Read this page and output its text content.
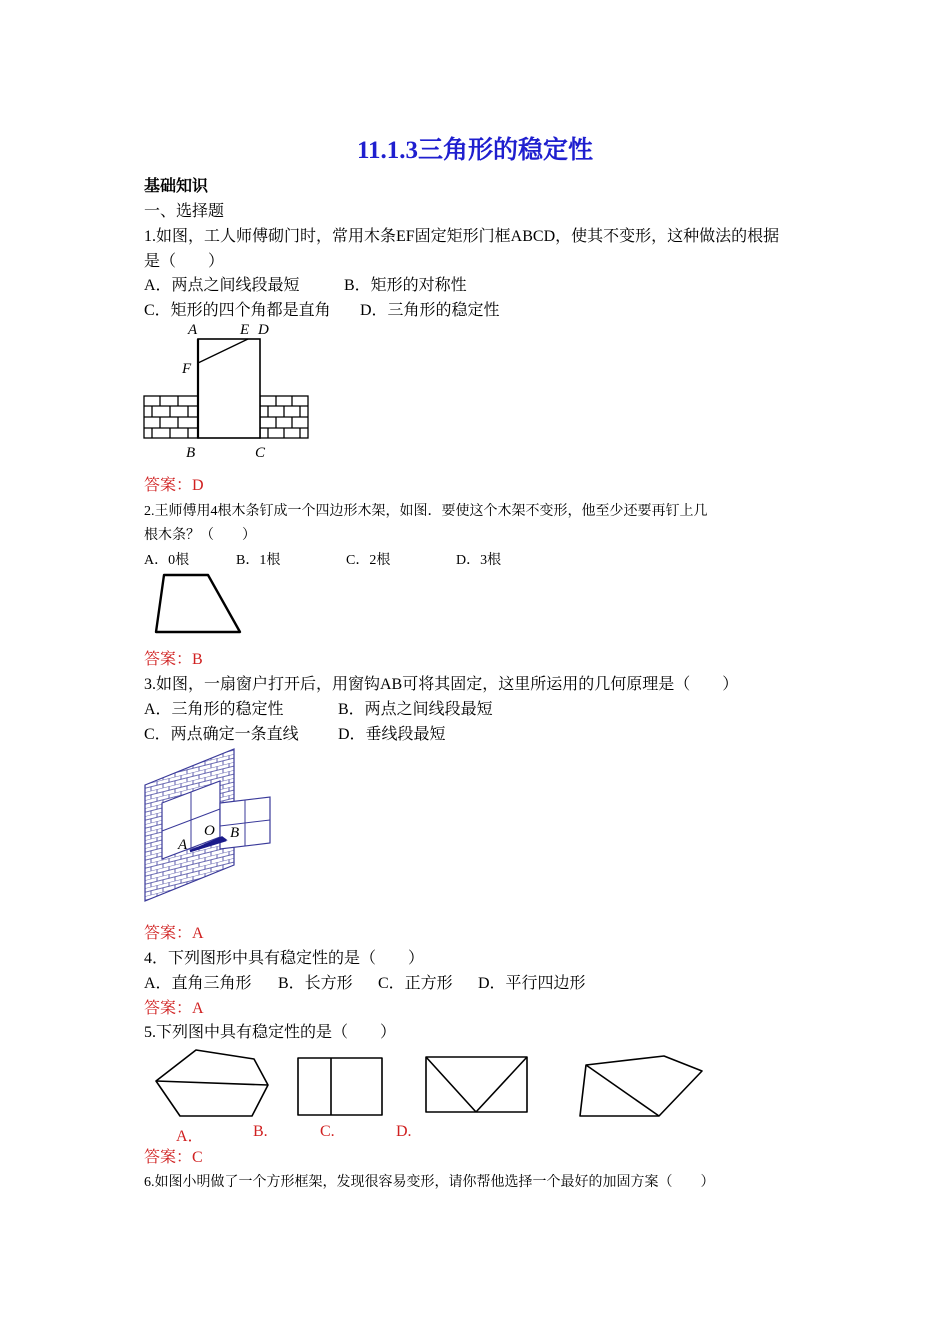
11.1.3三角形的稳定性
基础知识
一、选择题
1.如图，工人师傅砌门时，常用木条EF固定矩形门框ABCD，使其不变形，这种做法的根据
是（　　）
A．两点之间线段最短	B．矩形的对称性
C．矩形的四个角都是直角 D．三角形的稳定性
A	E D
F
B	C
答案：D
2.王师傅用4根木条钉成一个四边形木架，如图．要使这个木架不变形，他至少还要再钉上几
根木条？（　　）
A．0根	B．1根	C．2根	D．3根
答案：B
3.如图，一扇窗户打开后，用窗钩AB可将其固定，这里所运用的几何原理是（　　）
A．三角形的稳定性	B．两点之间线段最短
C．两点确定一条直线 D．垂线段最短
A
O B
答案：A
4．下列图形中具有稳定性的是（　　）
A．直角三角形 B．长方形 C．正方形 D．平行四边形
答案：A
5.下列图中具有稳定性的是（　　）
A．	B.	C.	D.
答案：C
6.如图小明做了一个方形框架，发现很容易变形，请你帮他选择一个最好的加固方案（　　）
